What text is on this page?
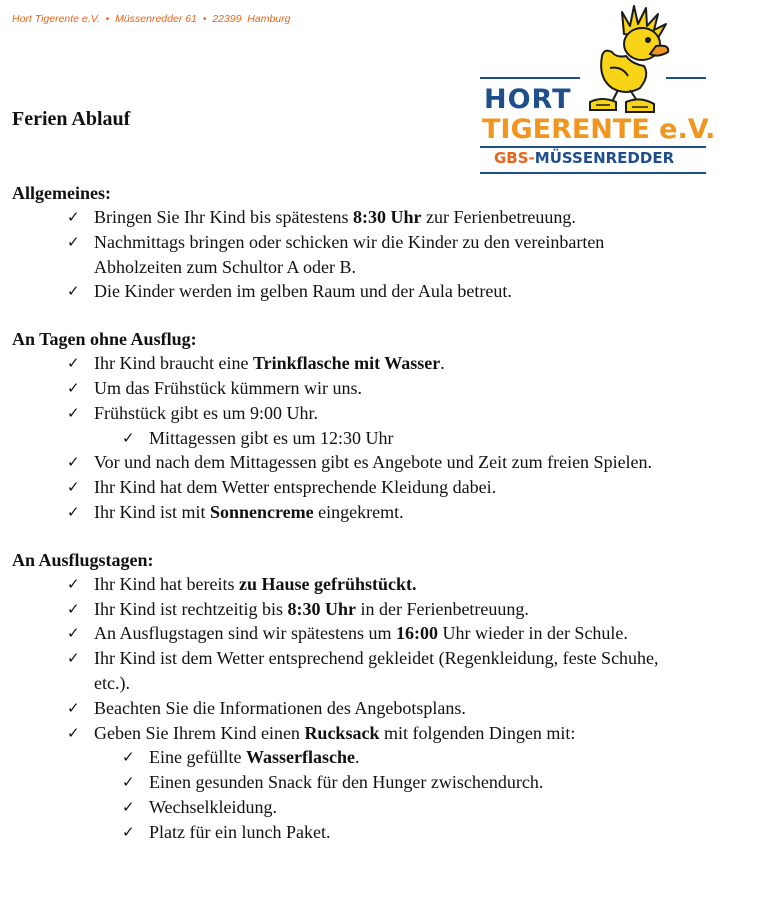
Hort Tigerente e.V.  •  Müssenredder 61  •  22399  Hamburg
HORT
TIGERENTE e.V.
GBS-MÜSSENREDDER
Ferien Ablauf
Allgemeines:
✓ Bringen Sie Ihr Kind bis spätestens 8:30 Uhr zur Ferienbetreuung.
✓ Nachmittags bringen oder schicken wir die Kinder zu den vereinbarten Abholzeiten zum Schultor A oder B.
✓ Die Kinder werden im gelben Raum und der Aula betreut.
An Tagen ohne Ausflug:
✓ Ihr Kind braucht eine Trinkflasche mit Wasser.
✓ Um das Frühstück kümmern wir uns.
✓ Frühstück gibt es um 9:00 Uhr.
✓ Mittagessen gibt es um 12:30 Uhr
✓ Vor und nach dem Mittagessen gibt es Angebote und Zeit zum freien Spielen.
✓ Ihr Kind hat dem Wetter entsprechende Kleidung dabei.
✓ Ihr Kind ist mit Sonnencreme eingekremt.
An Ausflugstagen:
✓ Ihr Kind hat bereits zu Hause gefrühstückt.
✓ Ihr Kind ist rechtzeitig bis 8:30 Uhr in der Ferienbetreuung.
✓ An Ausflugstagen sind wir spätestens um 16:00 Uhr wieder in der Schule.
✓ Ihr Kind ist dem Wetter entsprechend gekleidet (Regenkleidung, feste Schuhe, etc.).
✓ Beachten Sie die Informationen des Angebotsplans.
✓ Geben Sie Ihrem Kind einen Rucksack mit folgenden Dingen mit:
✓ Eine gefüllte Wasserflasche.
✓ Einen gesunden Snack für den Hunger zwischendurch.
✓ Wechselkleidung.
✓ Platz für ein lunch Paket.
